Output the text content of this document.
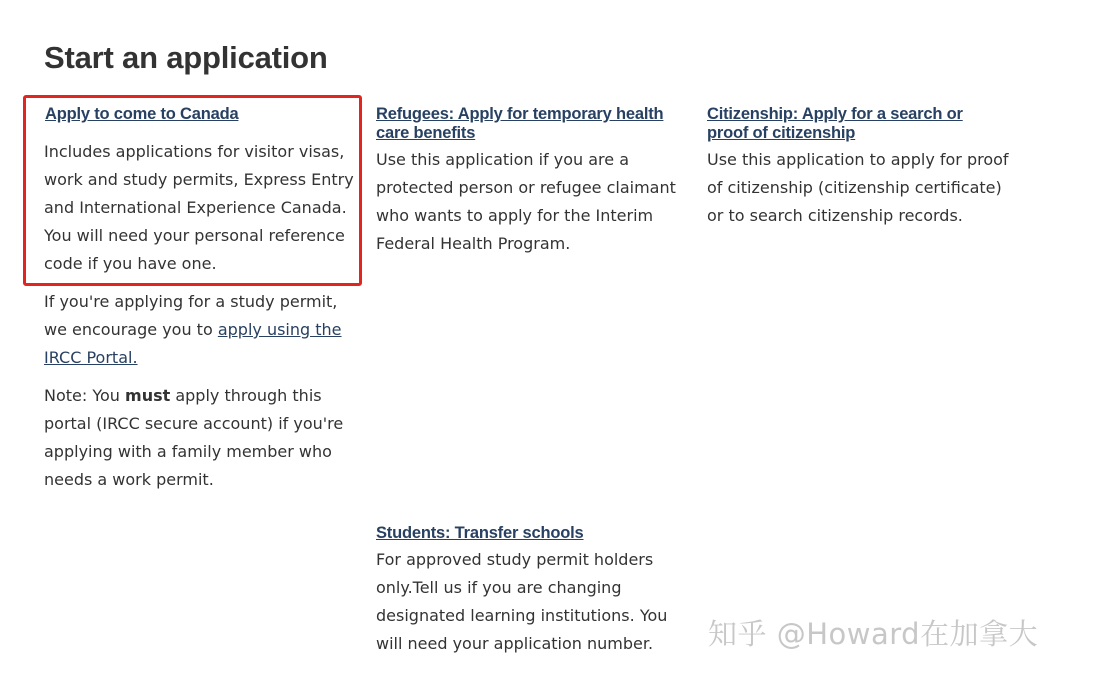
Start an application
Apply to come to Canada

Includes applications for visitor visas, work and study permits, Express Entry and International Experience Canada. You will need your personal reference code if you have one.

If you're applying for a study permit, we encourage you to apply using the IRCC Portal.

Note: You must apply through this portal (IRCC secure account) if you're applying with a family member who needs a work permit.

Refugees: Apply for temporary health care benefits

Use this application if you are a protected person or refugee claimant who wants to apply for the Interim Federal Health Program.

Citizenship: Apply for a search or proof of citizenship

Use this application to apply for proof of citizenship (citizenship certificate) or to search citizenship records.

Students: Transfer schools

For approved study permit holders only.Tell us if you are changing designated learning institutions. You will need your application number.	知乎 @Howard在加拿大
